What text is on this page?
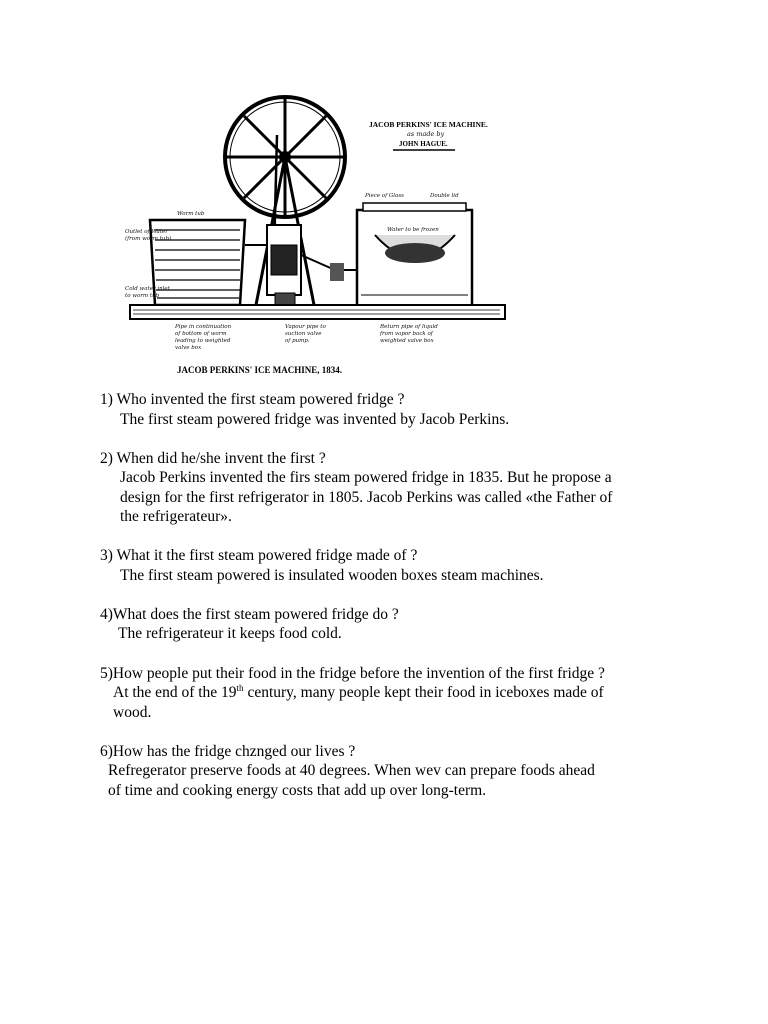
JACOB PERKINS' ICE MACHINE.
as made by
JOHN HAGUE.
Outlet of Water
(from worm tub)
Worm tub
Cold water inlet
to worm tub
Pipe in continuation
of bottom of worm
leading to weighted
valve box
Vapour pipe to
suction valve
of pump.
Return pipe of liquid
from vapor back of
weighted valve box
Piece of Glass	Double lid
Water to be frozen
JACOB PERKINS' ICE MACHINE, 1834.
1) Who invented the first steam powered fridge ?
The first steam powered fridge was invented by Jacob Perkins.
2) When did he/she invent the first ?
Jacob Perkins invented the firs steam powered fridge in 1835. But he propose a
design for the first refrigerator in 1805. Jacob Perkins was called «the Father of
the refrigerateur».
3) What it the first steam powered fridge made of ?
The first steam powered is insulated wooden boxes steam machines.
4)What does the first steam powered fridge do ?
The refrigerateur it keeps food cold.
5)How people put their food in the fridge before the invention of the first fridge ?
At the end of the 19th century, many people kept their food in iceboxes made of
wood.
6)How has the fridge chznged our lives ?
Refregerator preserve foods at 40 degrees. When wev can prepare foods ahead
of time and cooking energy costs that add up over long-term.
